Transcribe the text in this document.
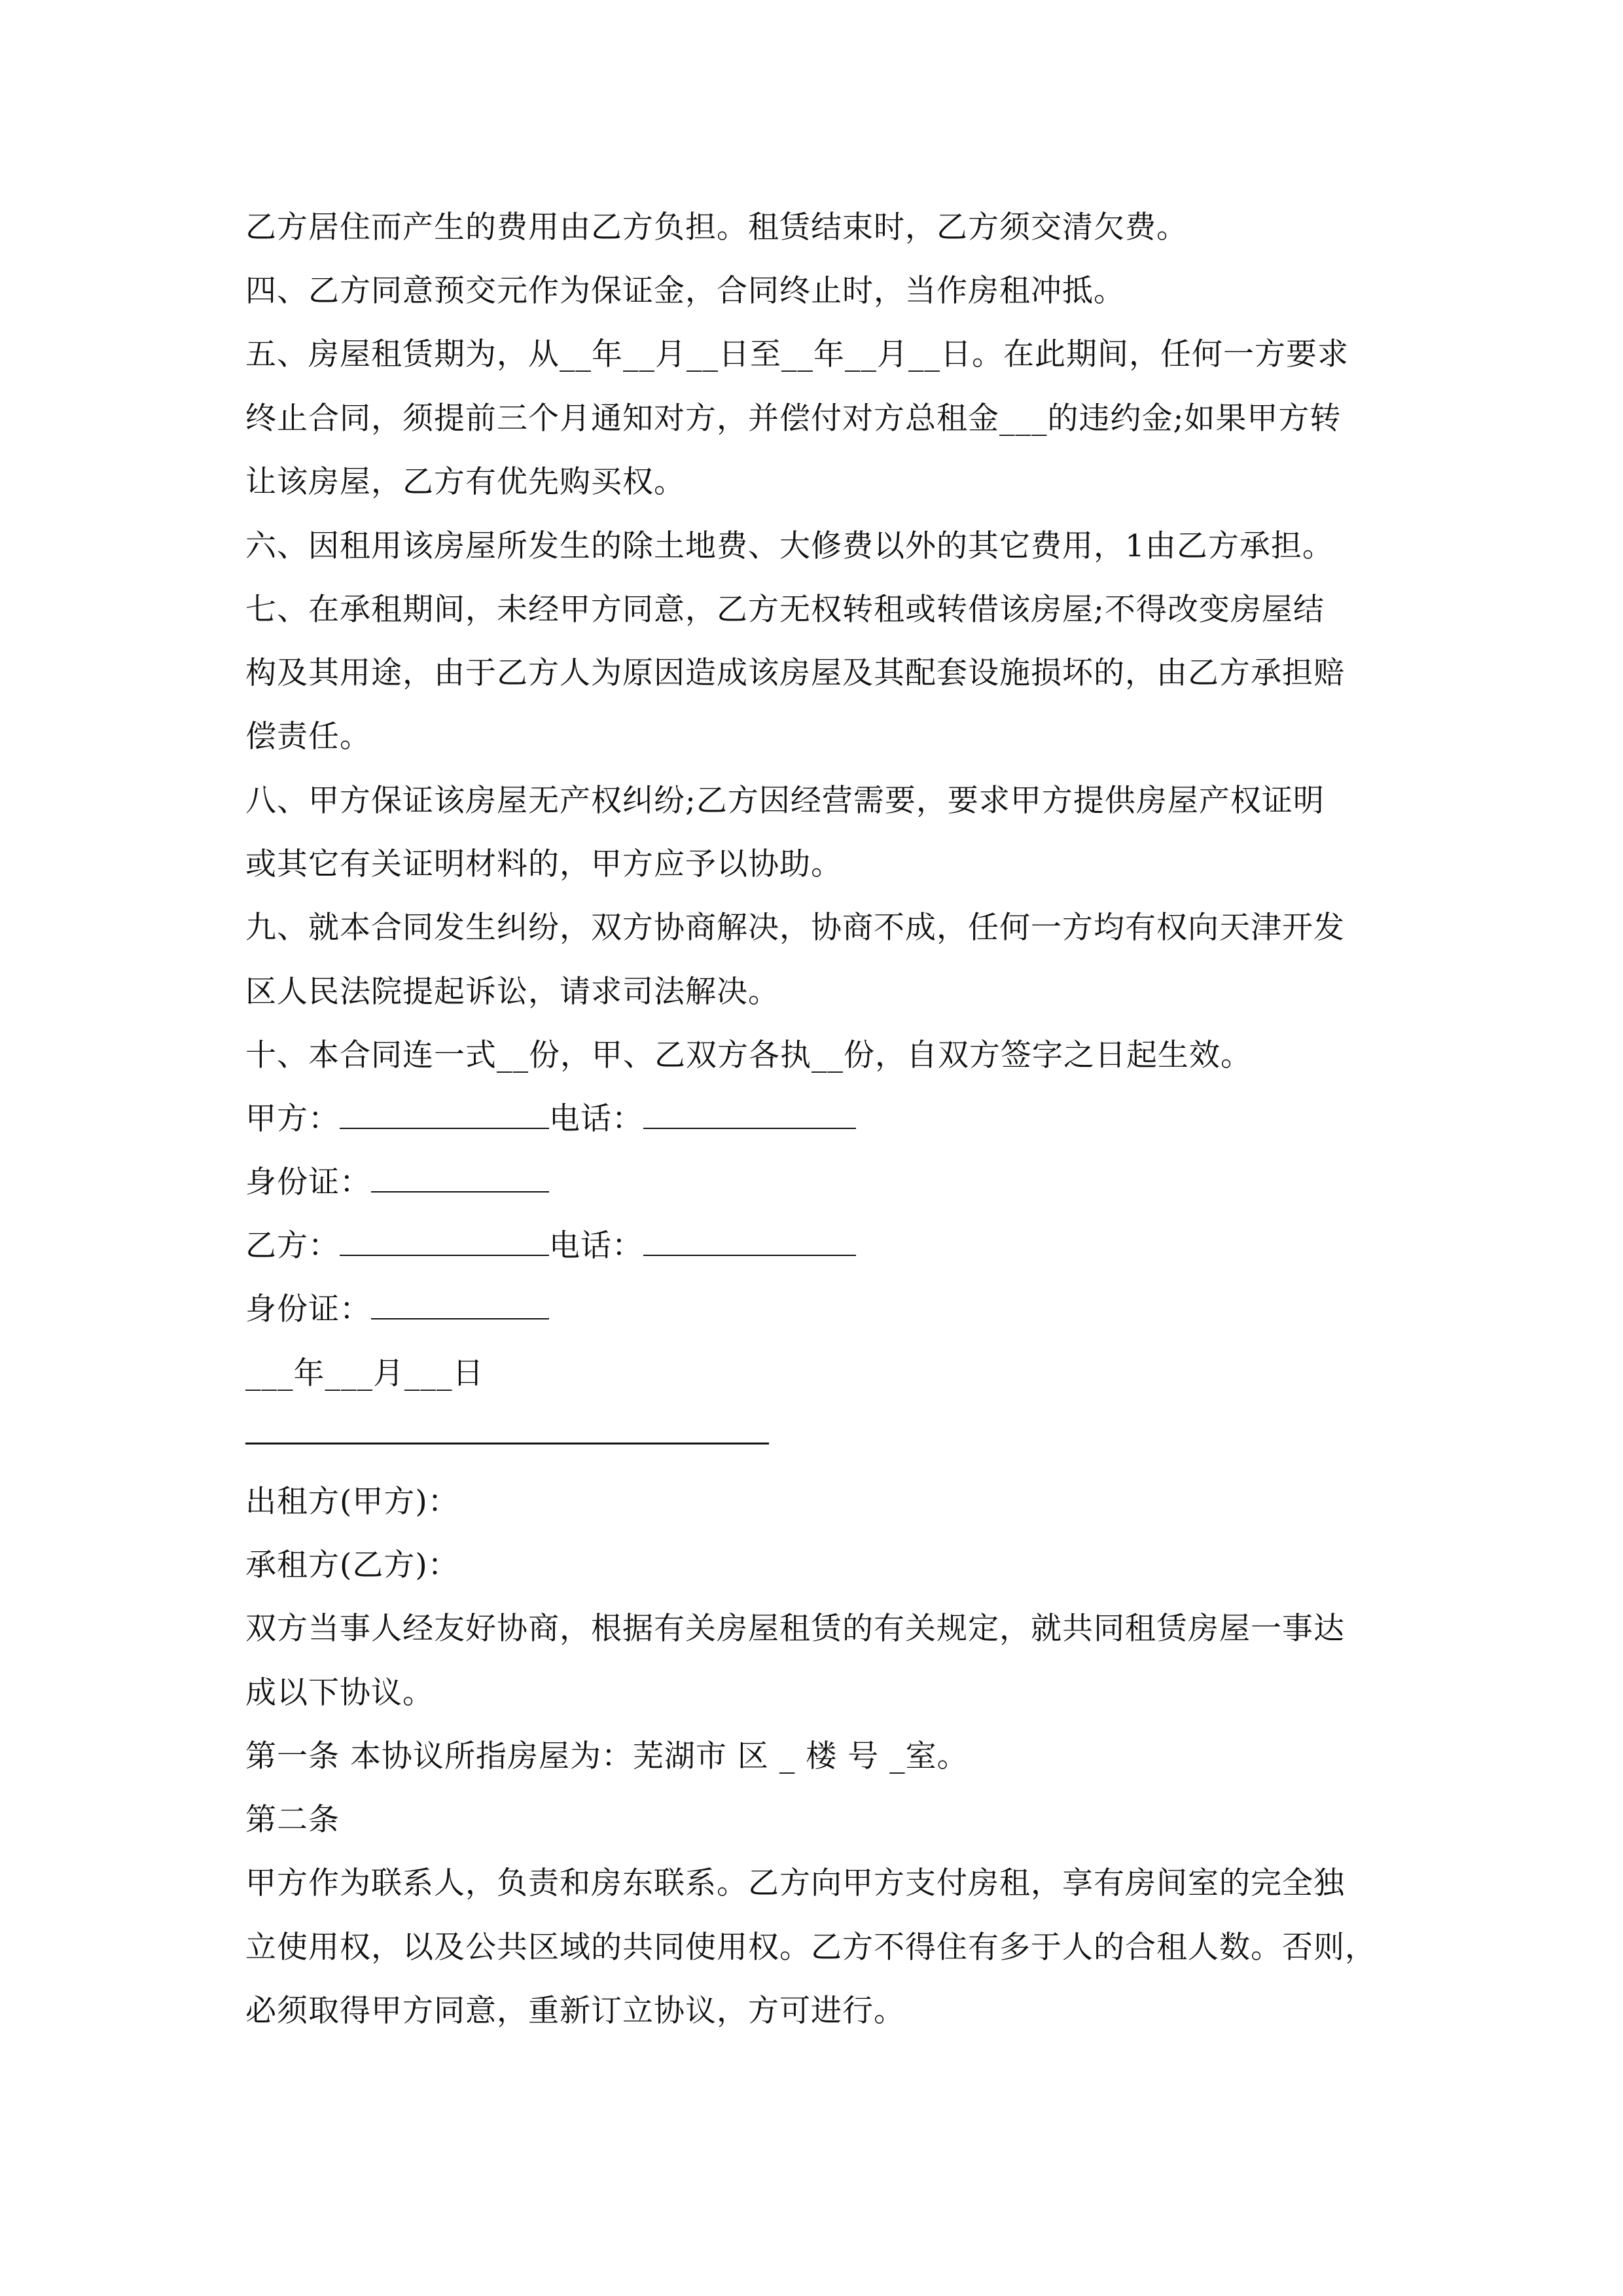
乙方居住而产生的费用由乙方负担。租赁结束时，乙方须交清欠费。
四、乙方同意预交元作为保证金，合同终止时，当作房租冲抵。
五、房屋租赁期为，从__年__月__日至__年__月__日。在此期间，任何一方要求
终止合同，须提前三个月通知对方，并偿付对方总租金___的违约金;如果甲方转
让该房屋，乙方有优先购买权。
六、因租用该房屋所发生的除土地费、大修费以外的其它费用，1由乙方承担。
七、在承租期间，未经甲方同意，乙方无权转租或转借该房屋;不得改变房屋结
构及其用途，由于乙方人为原因造成该房屋及其配套设施损坏的，由乙方承担赔
偿责任。
八、甲方保证该房屋无产权纠纷;乙方因经营需要，要求甲方提供房屋产权证明
或其它有关证明材料的，甲方应予以协助。
九、就本合同发生纠纷，双方协商解决，协商不成，任何一方均有权向天津开发
区人民法院提起诉讼，请求司法解决。
十、本合同连一式__份，甲、乙双方各执__份，自双方签字之日起生效。
甲方：	电话：
身份证：
乙方：	电话：
身份证：
___年___月___日
出租方(甲方)：
承租方(乙方)：
双方当事人经友好协商，根据有关房屋租赁的有关规定，就共同租赁房屋一事达
成以下协议。
第一条 本协议所指房屋为：芜湖市 区 _ 楼 号 _室。
第二条
甲方作为联系人，负责和房东联系。乙方向甲方支付房租，享有房间室的完全独
立使用权，以及公共区域的共同使用权。乙方不得住有多于人的合租人数。否则，
必须取得甲方同意，重新订立协议，方可进行。
